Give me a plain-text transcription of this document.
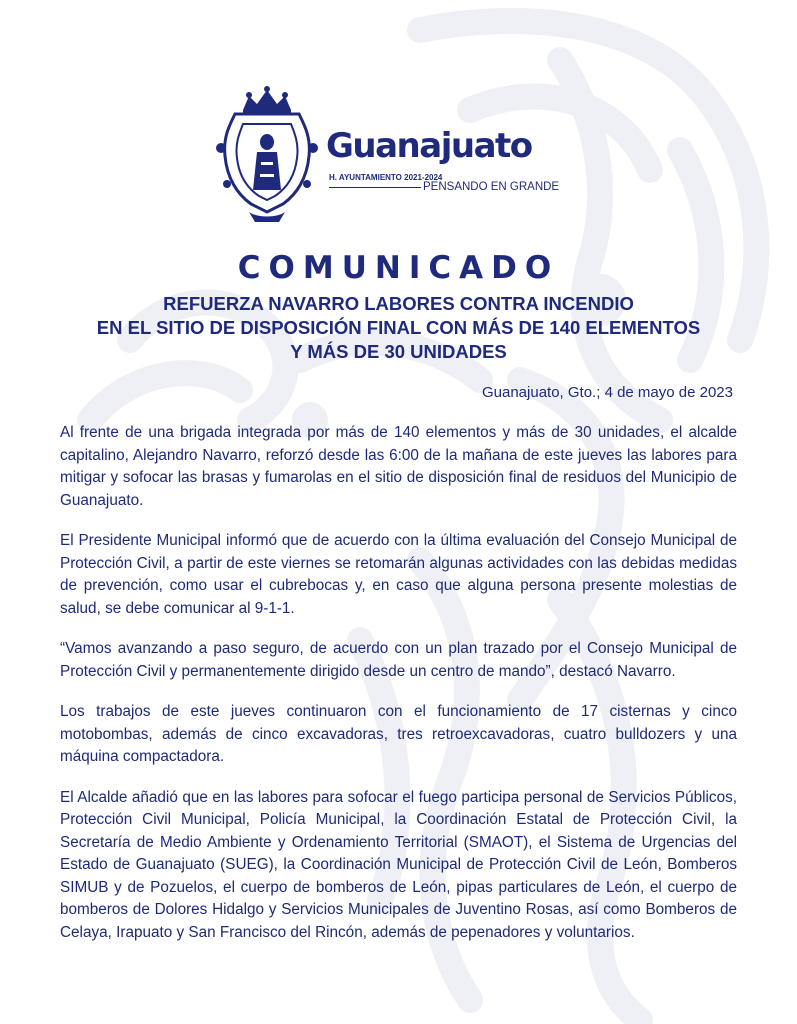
Guanajuato
H. AYUNTAMIENTO 2021-2024
PENSANDO EN GRANDE
COMUNICADO
REFUERZA NAVARRO LABORES CONTRA INCENDIO
EN EL SITIO DE DISPOSICIÓN FINAL CON MÁS DE 140 ELEMENTOS
Y MÁS DE 30 UNIDADES
Guanajuato, Gto.; 4 de mayo de 2023

Al frente de una brigada integrada por más de 140 elementos y más de 30 unidades, el alcalde capitalino, Alejandro Navarro, reforzó desde las 6:00 de la mañana de este jueves las labores para mitigar y sofocar las brasas y fumarolas en el sitio de disposición final de residuos del Municipio de Guanajuato.

El Presidente Municipal informó que de acuerdo con la última evaluación del Consejo Municipal de Protección Civil, a partir de este viernes se retomarán algunas actividades con las debidas medidas de prevención, como usar el cubrebocas y, en caso que alguna persona presente molestias de salud, se debe comunicar al 9-1-1.

“Vamos avanzando a paso seguro, de acuerdo con un plan trazado por el Consejo Municipal de Protección Civil y permanentemente dirigido desde un centro de mando”, destacó Navarro.

Los trabajos de este jueves continuaron con el funcionamiento de 17 cisternas y cinco motobombas, además de cinco excavadoras, tres retroexcavadoras, cuatro bulldozers y una máquina compactadora.

El Alcalde añadió que en las labores para sofocar el fuego participa personal de Servicios Públicos, Protección Civil Municipal, Policía Municipal, la Coordinación Estatal de Protección Civil, la Secretaría de Medio Ambiente y Ordenamiento Territorial (SMAOT), el Sistema de Urgencias del Estado de Guanajuato (SUEG), la Coordinación Municipal de Protección Civil de León, Bomberos SIMUB y de Pozuelos, el cuerpo de bomberos de León, pipas particulares de León, el cuerpo de bomberos de Dolores Hidalgo y Servicios Municipales de Juventino Rosas, así como Bomberos de Celaya, Irapuato y San Francisco del Rincón, además de pepenadores y voluntarios.
